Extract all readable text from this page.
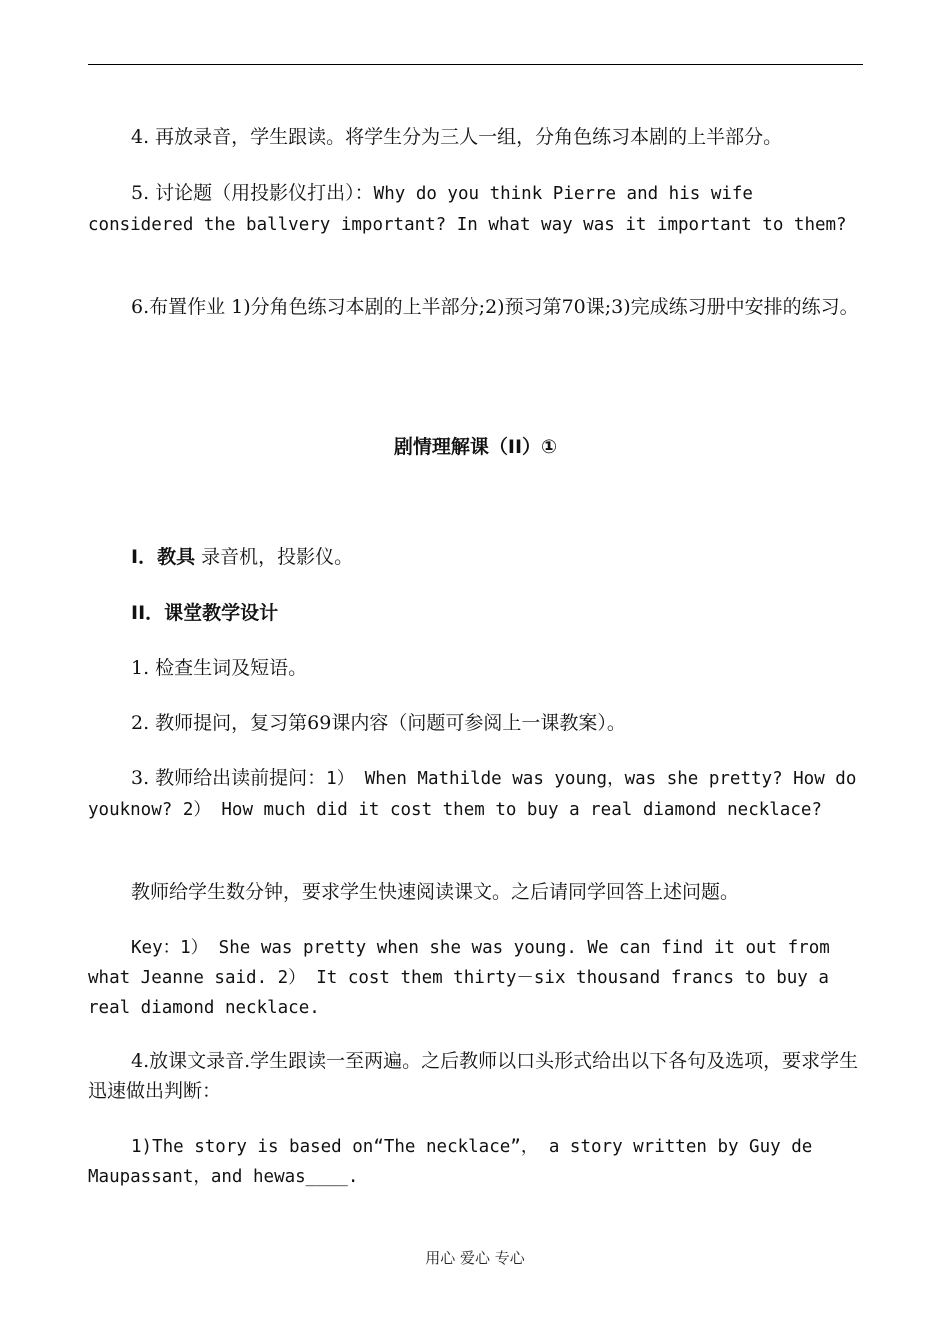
4. 再放录音，学生跟读。将学生分为三人一组，分角色练习本剧的上半部分。
5. 讨论题（用投影仪打出）：Why do you think Pierre and his wife considered the ballvery important? In what way was it important to them?
6.布置作业 1)分角色练习本剧的上半部分;2)预习第70课;3)完成练习册中安排的练习。
剧情理解课（II）①
I．教具 录音机，投影仪。
II．课堂教学设计
1. 检查生词及短语。
2. 教师提问，复习第69课内容（问题可参阅上一课教案）。
3. 教师给出读前提问：1） When Mathilde was young，was she pretty? How do youknow? 2） How much did it cost them to buy a real diamond necklace?
教师给学生数分钟，要求学生快速阅读课文。之后请同学回答上述问题。
Key：1） She was pretty when she was young. We can find it out from what Jeanne said. 2） It cost them thirty－six thousand francs to buy a real diamond necklace.
4.放课文录音.学生跟读一至两遍。之后教师以口头形式给出以下各句及选项，要求学生迅速做出判断：
1)The story is based on“The necklace”， a story written by Guy de Maupassant，and hewas____.
用心 爱心 专心
